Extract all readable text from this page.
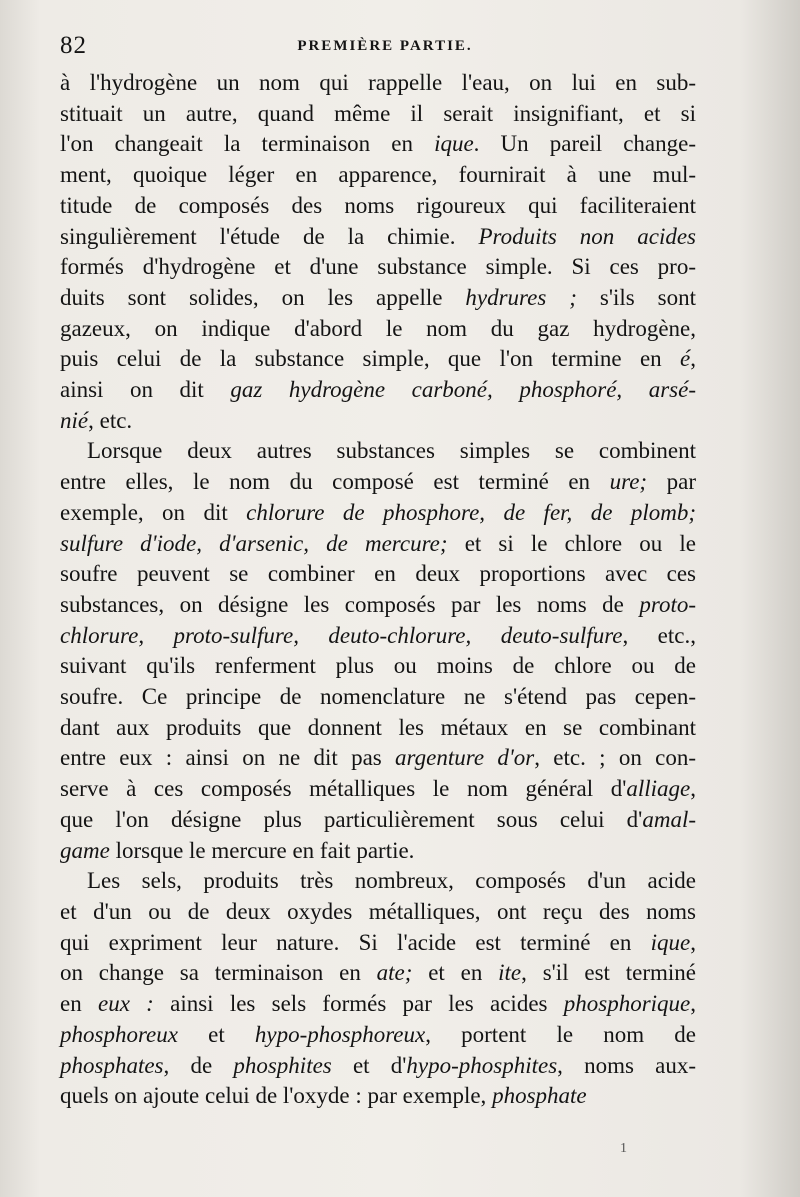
82	PREMIÈRE PARTIE.
à l'hydrogène un nom qui rappelle l'eau, on lui en sub-
stituait un autre, quand même il serait insignifiant, et si
l'on changeait la terminaison en ique. Un pareil change-
ment, quoique léger en apparence, fournirait à une mul-
titude de composés des noms rigoureux qui faciliteraient
singulièrement l'étude de la chimie. Produits non acides
formés d'hydrogène et d'une substance simple. Si ces pro-
duits sont solides, on les appelle hydrures ; s'ils sont
gazeux, on indique d'abord le nom du gaz hydrogène,
puis celui de la substance simple, que l'on termine en é,
ainsi on dit gaz hydrogène carboné, phosphoré, arsé-
nié, etc.
Lorsque deux autres substances simples se combinent
entre elles, le nom du composé est terminé en ure; par
exemple, on dit chlorure de phosphore, de fer, de plomb;
sulfure d'iode, d'arsenic, de mercure; et si le chlore ou le
soufre peuvent se combiner en deux proportions avec ces
substances, on désigne les composés par les noms de proto-
chlorure, proto-sulfure, deuto-chlorure, deuto-sulfure, etc.,
suivant qu'ils renferment plus ou moins de chlore ou de
soufre. Ce principe de nomenclature ne s'étend pas cepen-
dant aux produits que donnent les métaux en se combinant
entre eux : ainsi on ne dit pas argenture d'or, etc. ; on con-
serve à ces composés métalliques le nom général d'alliage,
que l'on désigne plus particulièrement sous celui d'amal-
game lorsque le mercure en fait partie.
Les sels, produits très nombreux, composés d'un acide
et d'un ou de deux oxydes métalliques, ont reçu des noms
qui expriment leur nature. Si l'acide est terminé en ique,
on change sa terminaison en ate; et en ite, s'il est terminé
en eux : ainsi les sels formés par les acides phosphorique,
phosphoreux et hypo-phosphoreux, portent le nom de
phosphates, de phosphites et d'hypo-phosphites, noms aux-
quels on ajoute celui de l'oxyde : par exemple, phosphate
1
